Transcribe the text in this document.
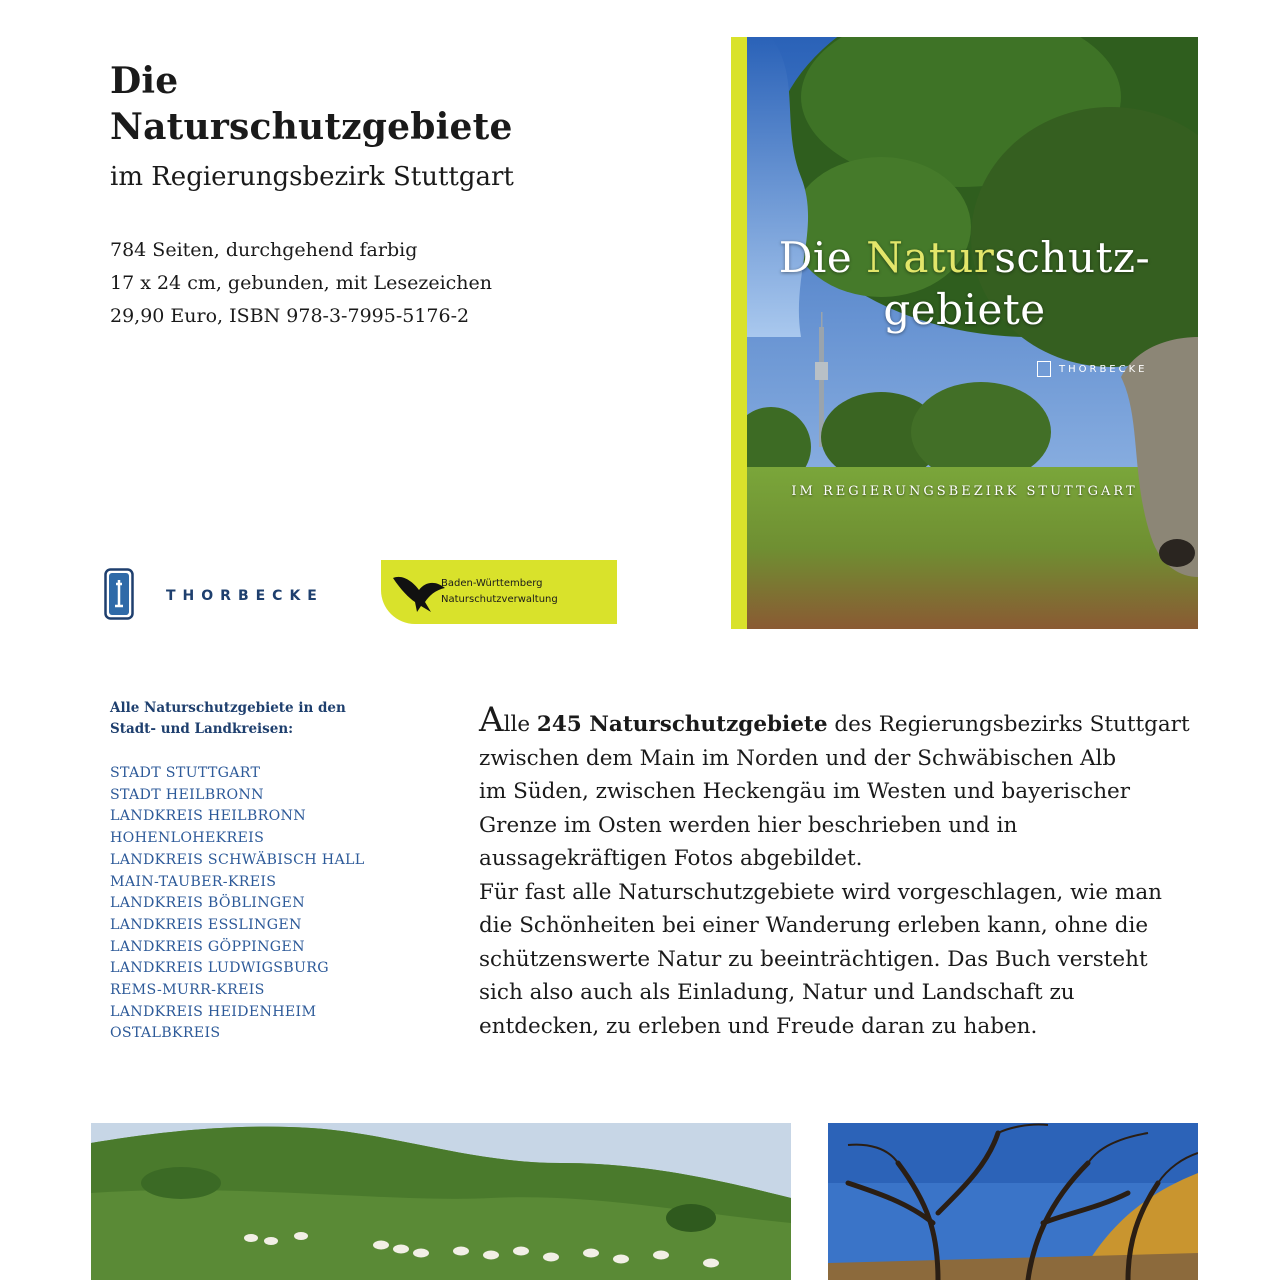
Die
Naturschutzgebiete
im Regierungsbezirk Stuttgart
784 Seiten, durchgehend farbig
17 x 24 cm, gebunden, mit Lesezeichen
29,90 Euro, ISBN 978-3-7995-5176-2
THORBECKE
Baden-Württemberg
Naturschutzverwaltung
Die Naturschutz-
gebiete
THORBECKE
IM REGIERUNGSBEZIRK STUTTGART
Alle Naturschutzgebiete in den
Stadt- und Landkreisen:
STADT STUTTGART
STADT HEILBRONN
LANDKREIS HEILBRONN
HOHENLOHEKREIS
LANDKREIS SCHWÄBISCH HALL
MAIN-TAUBER-KREIS
LANDKREIS BÖBLINGEN
LANDKREIS ESSLINGEN
LANDKREIS GÖPPINGEN
LANDKREIS LUDWIGSBURG
REMS-MURR-KREIS
LANDKREIS HEIDENHEIM
OSTALBKREIS

Alle 245 Naturschutzgebiete des Regierungsbezirks Stuttgart

zwischen dem Main im Norden und der Schwäbischen Alb

im Süden, zwischen Heckengäu im Westen und bayerischer

Grenze im Osten werden hier beschrieben und in

aussagekräftigen Fotos abgebildet.

Für fast alle Naturschutzgebiete wird vorgeschlagen, wie man

die Schönheiten bei einer Wanderung erleben kann, ohne die

schützenswerte Natur zu beeinträchtigen. Das Buch versteht

sich also auch als Einladung, Natur und Landschaft zu

entdecken, zu erleben und Freude daran zu haben.
